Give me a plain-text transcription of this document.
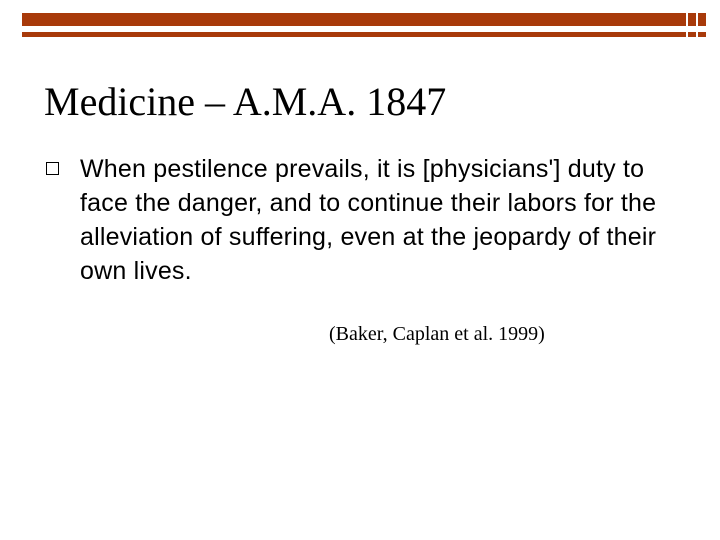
Medicine – A.M.A. 1847
When pestilence prevails, it is [physicians'] duty to face the danger, and to continue their labors for the alleviation of suffering, even at the jeopardy of their own lives.
(Baker, Caplan et al. 1999)
